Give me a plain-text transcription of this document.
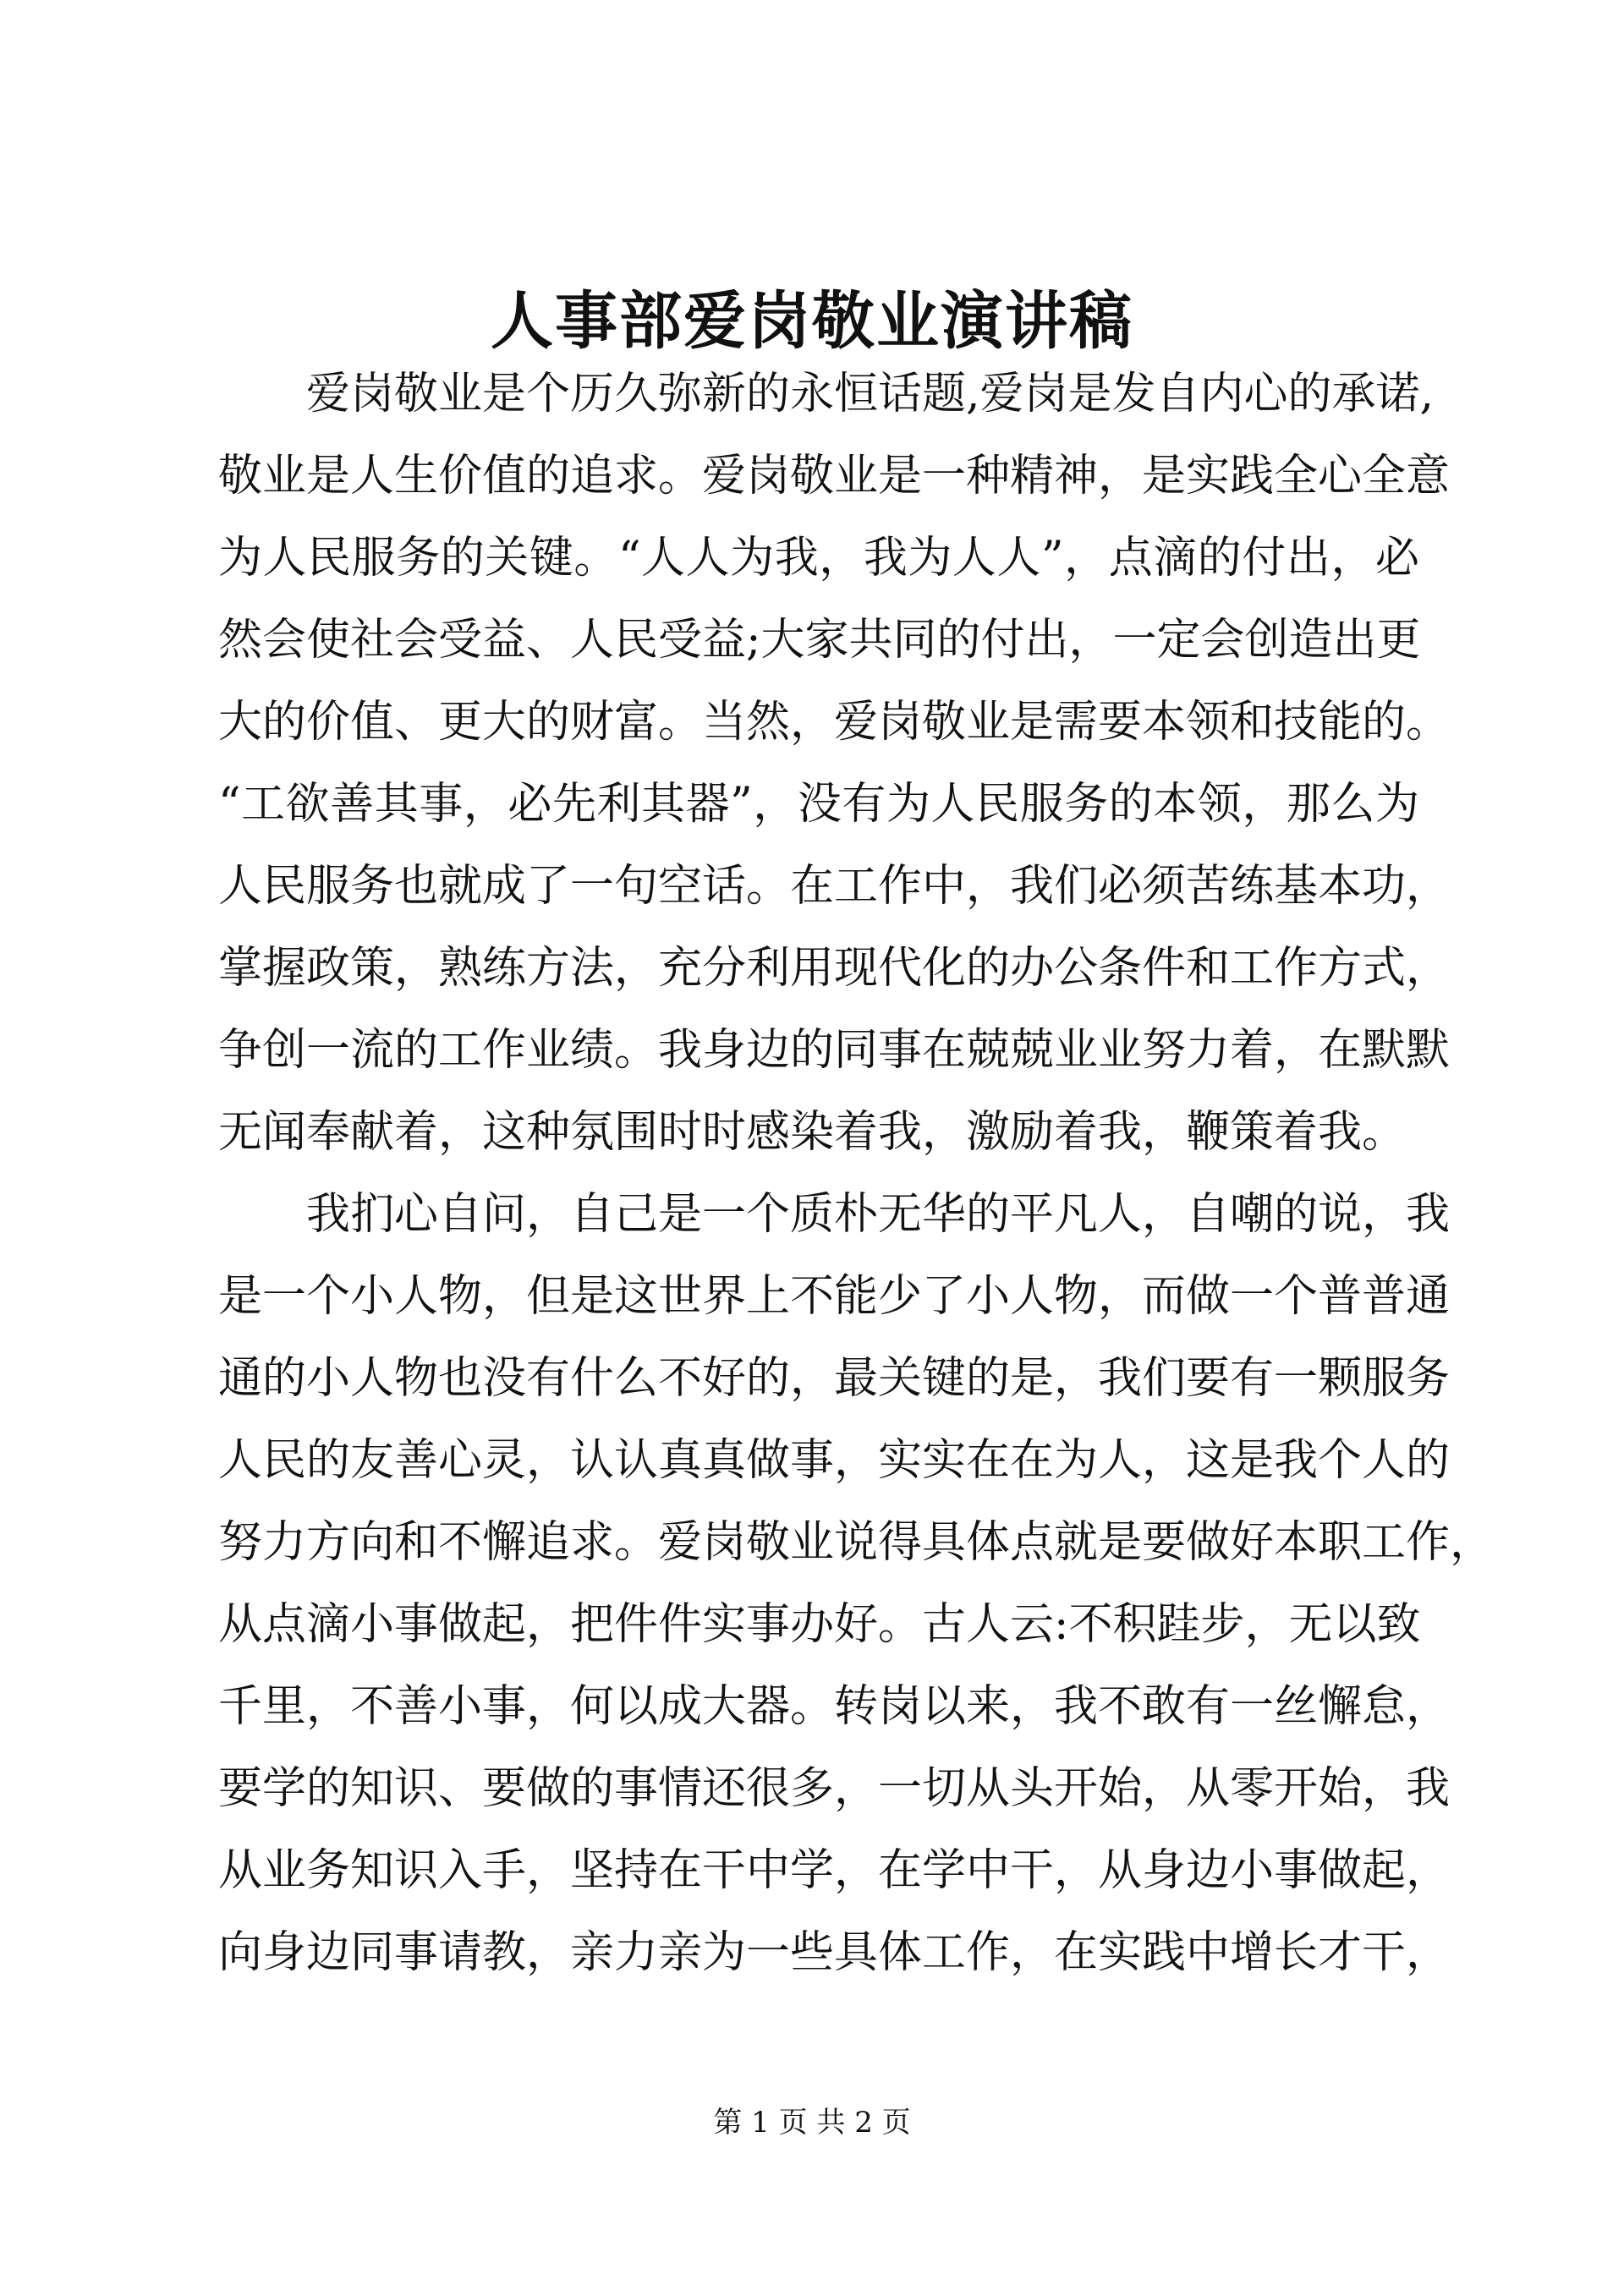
人事部爱岗敬业演讲稿
　　爱岗敬业是个历久弥新的永恒话题,爱岗是发自内心的承诺,
敬业是人生价值的追求。爱岗敬业是一种精神，是实践全心全意
为人民服务的关键。“人人为我，我为人人”，点滴的付出，必
然会使社会受益、人民受益;大家共同的付出，一定会创造出更
大的价值、更大的财富。当然，爱岗敬业是需要本领和技能的。
“工欲善其事，必先利其器”，没有为人民服务的本领，那么为
人民服务也就成了一句空话。在工作中，我们必须苦练基本功，
掌握政策，熟练方法，充分利用现代化的办公条件和工作方式，
争创一流的工作业绩。我身边的同事在兢兢业业努力着，在默默
无闻奉献着，这种氛围时时感染着我，激励着我，鞭策着我。
　　我扪心自问，自己是一个质朴无华的平凡人，自嘲的说，我
是一个小人物，但是这世界上不能少了小人物，而做一个普普通
通的小人物也没有什么不好的，最关键的是，我们要有一颗服务
人民的友善心灵，认认真真做事，实实在在为人，这是我个人的
努力方向和不懈追求。爱岗敬业说得具体点就是要做好本职工作，
从点滴小事做起，把件件实事办好。古人云:不积跬步，无以致
千里，不善小事，何以成大器。转岗以来，我不敢有一丝懈怠，
要学的知识、要做的事情还很多，一切从头开始，从零开始，我
从业务知识入手，坚持在干中学，在学中干，从身边小事做起，
向身边同事请教，亲力亲为一些具体工作，在实践中增长才干，
第 1 页 共 2 页
